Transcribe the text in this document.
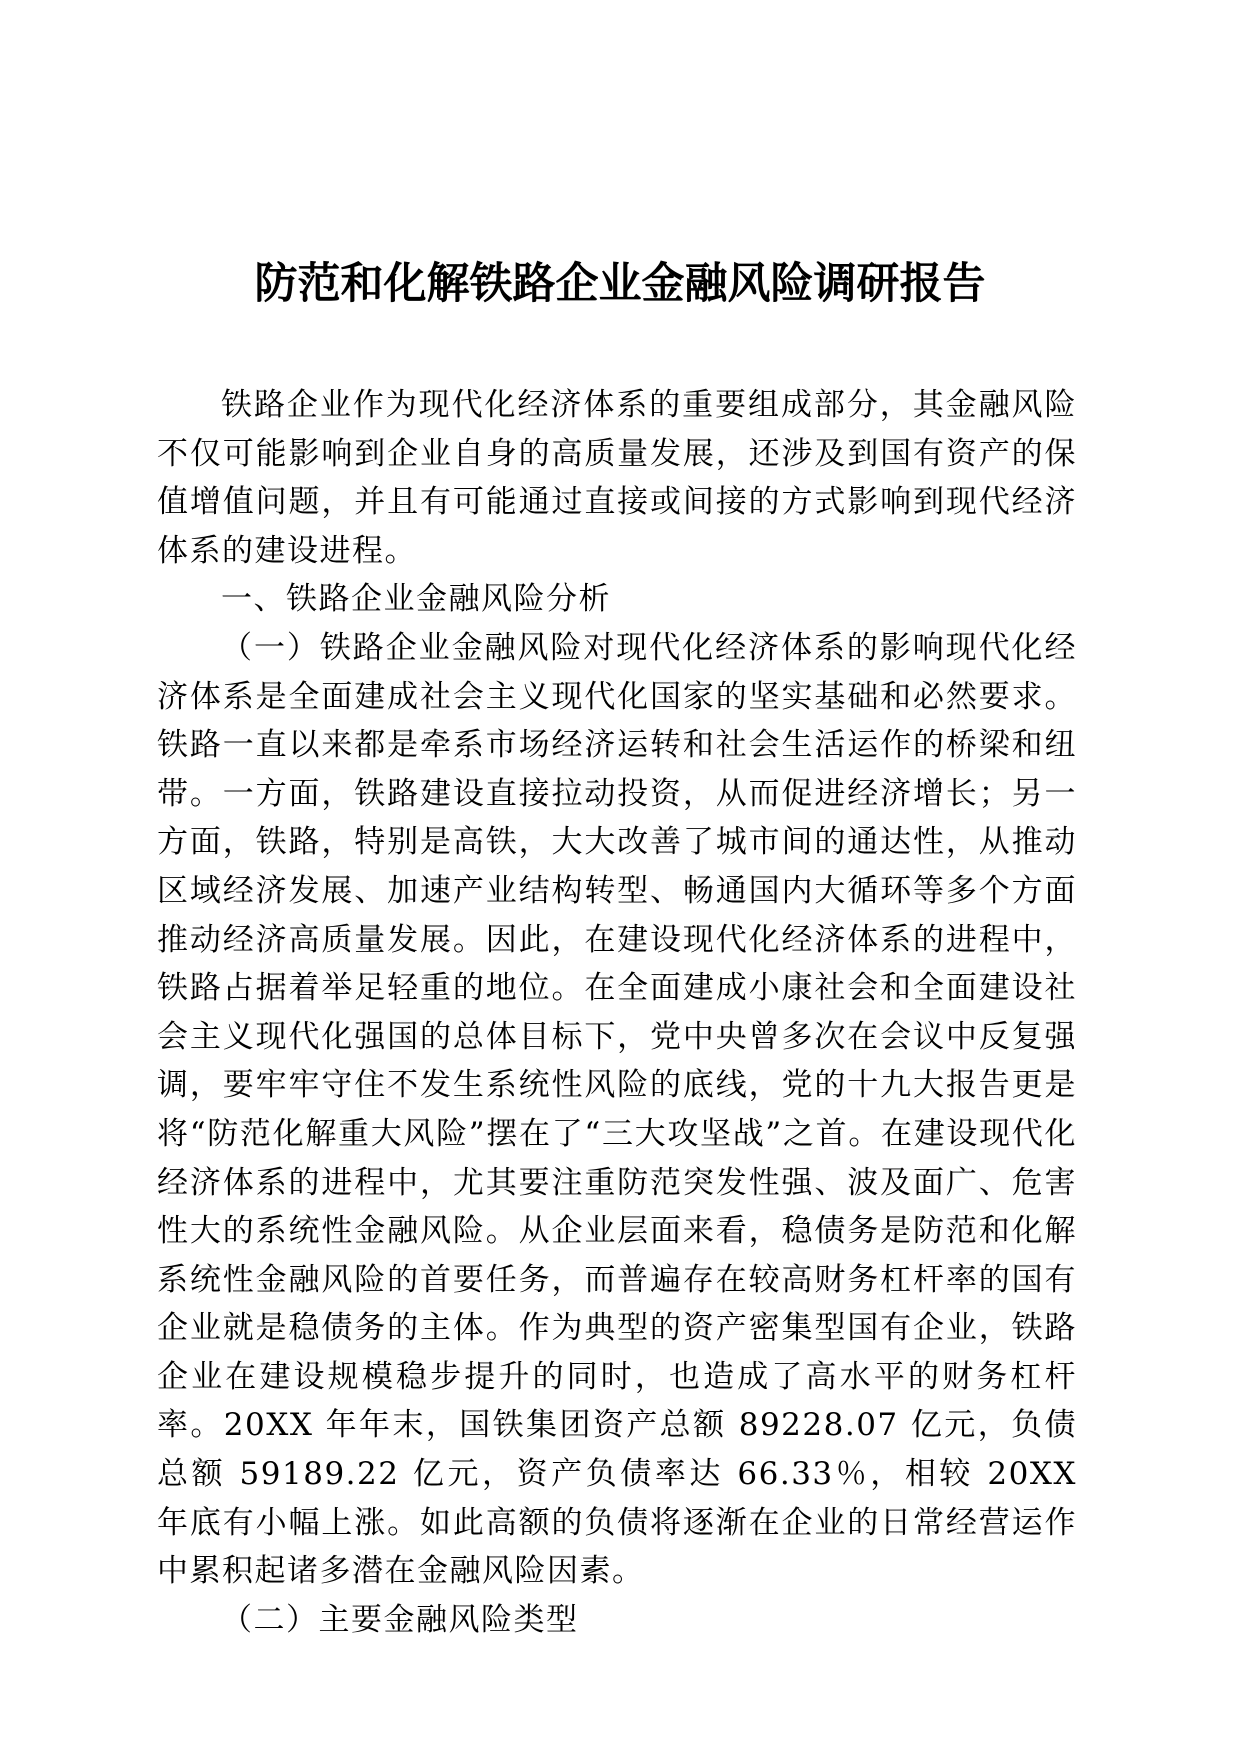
防范和化解铁路企业金融风险调研报告

铁路企业作为现代化经济体系的重要组成部分，其金融风险不仅可能影响到企业自身的高质量发展，还涉及到国有资产的保值增值问题，并且有可能通过直接或间接的方式影响到现代经济体系的建设进程。

一、铁路企业金融风险分析

（一）铁路企业金融风险对现代化经济体系的影响现代化经济体系是全面建成社会主义现代化国家的坚实基础和必然要求。铁路一直以来都是牵系市场经济运转和社会生活运作的桥梁和纽带。一方面，铁路建设直接拉动投资，从而促进经济增长；另一方面，铁路，特别是高铁，大大改善了城市间的通达性，从推动区域经济发展、加速产业结构转型、畅通国内大循环等多个方面推动经济高质量发展。因此，在建设现代化经济体系的进程中，铁路占据着举足轻重的地位。在全面建成小康社会和全面建设社会主义现代化强国的总体目标下，党中央曾多次在会议中反复强调，要牢牢守住不发生系统性风险的底线，党的十九大报告更是将“防范化解重大风险”摆在了“三大攻坚战”之首。在建设现代化经济体系的进程中，尤其要注重防范突发性强、波及面广、危害性大的系统性金融风险。从企业层面来看，稳债务是防范和化解系统性金融风险的首要任务，而普遍存在较高财务杠杆率的国有企业就是稳债务的主体。作为典型的资产密集型国有企业，铁路企业在建设规模稳步提升的同时，也造成了高水平的财务杠杆率。20XX 年年末，国铁集团资产总额 89228.07 亿元，负债总额 59189.22 亿元，资产负债率达 66.33％，相较 20XX 年底有小幅上涨。如此高额的负债将逐渐在企业的日常经营运作中累积起诸多潜在金融风险因素。

（二）主要金融风险类型
